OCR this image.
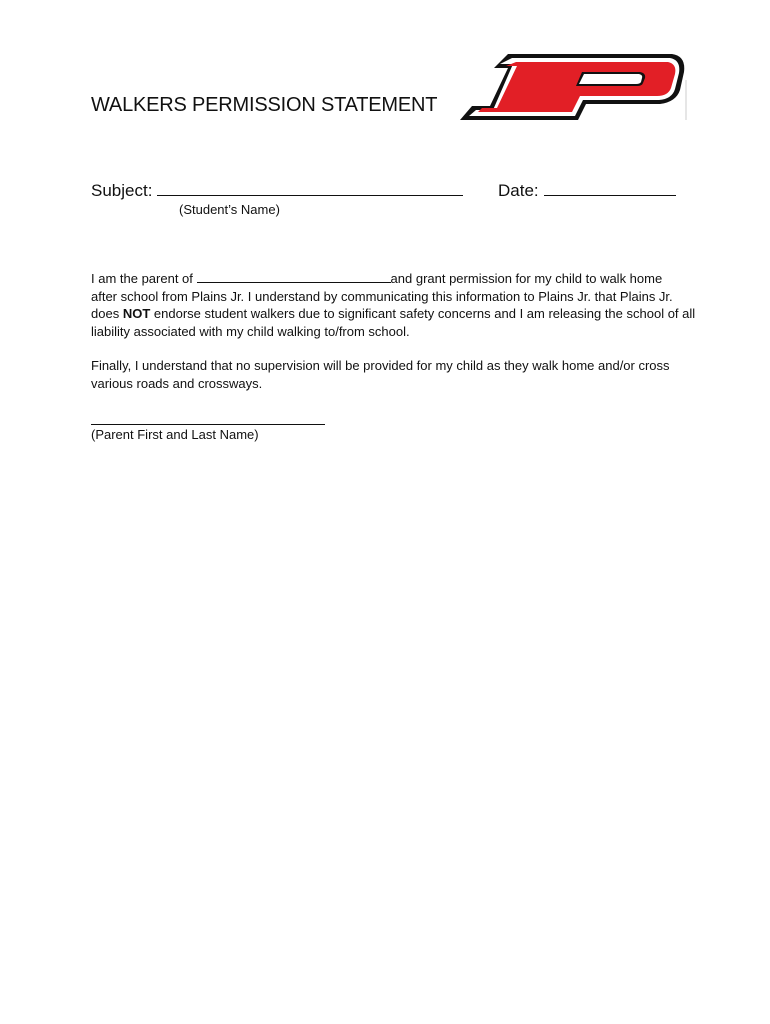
WALKERS PERMISSION STATEMENT
Subject:	Date:
(Student’s Name)
I am the parent of	and grant permission for my child to walk home
after school from Plains Jr. I understand by communicating this information to Plains Jr. that Plains Jr.
does NOT endorse student walkers due to significant safety concerns and I am releasing the school of all
liability associated with my child walking to/from school.
Finally, I understand that no supervision will be provided for my child as they walk home and/or cross
various roads and crossways.
(Parent First and Last Name)
